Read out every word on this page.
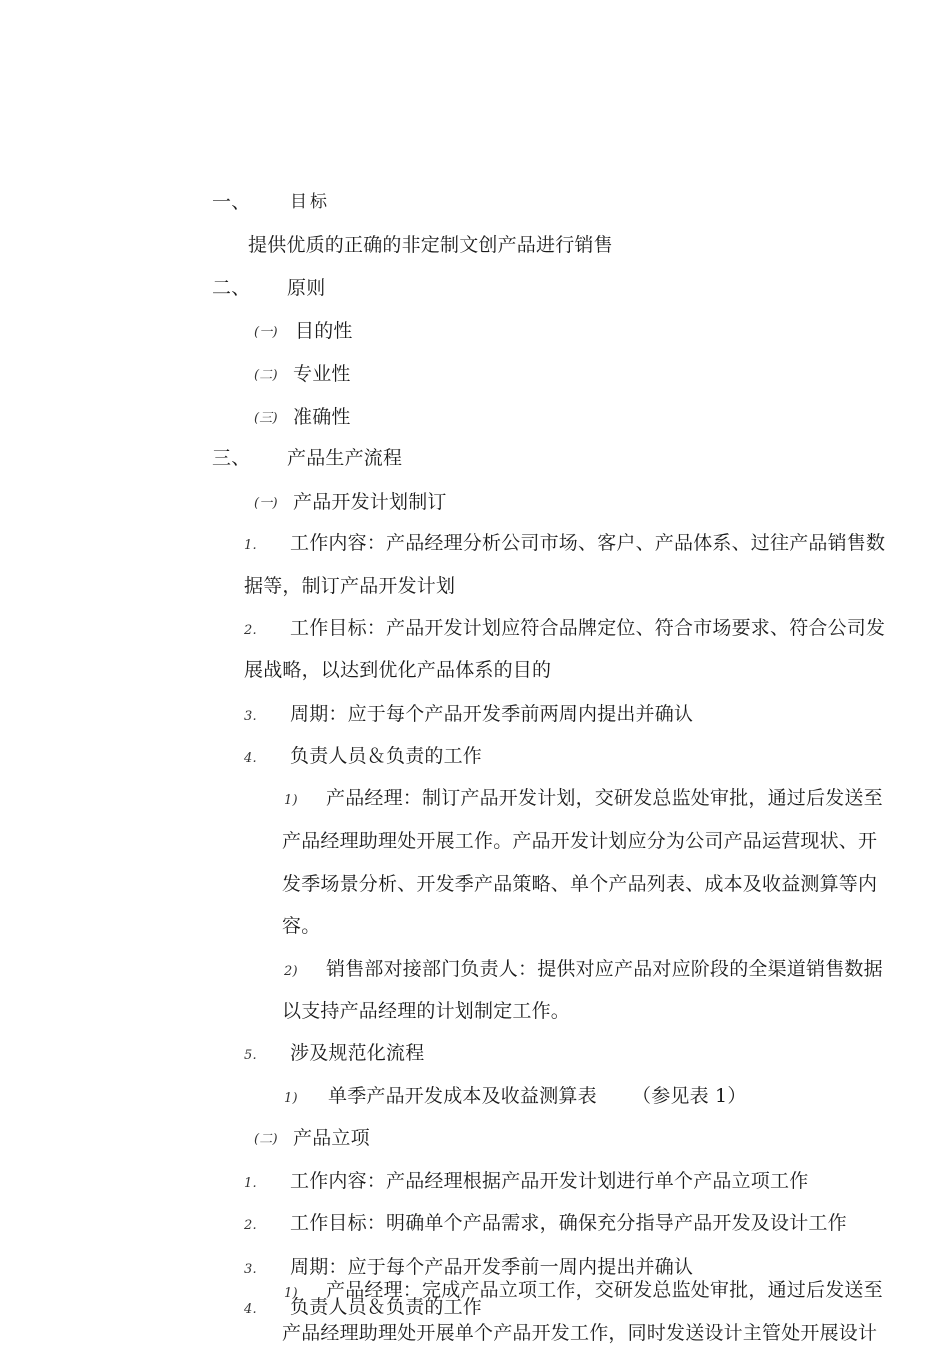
一、 目标
提供优质的正确的非定制文创产品进行销售
二、 原则
(一) 目的性
(二) 专业性
(三) 准确性
三、 产品生产流程
(一) 产品开发计划制订
1. 工作内容：产品经理分析公司市场、客户、产品体系、过往产品销售数
据等，制订产品开发计划
2. 工作目标：产品开发计划应符合品牌定位、符合市场要求、符合公司发
展战略，以达到优化产品体系的目的
3. 周期：应于每个产品开发季前两周内提出并确认
4. 负责人员＆负责的工作
1) 产品经理：制订产品开发计划，交研发总监处审批，通过后发送至
产品经理助理处开展工作。产品开发计划应分为公司产品运营现状、开
发季场景分析、开发季产品策略、单个产品列表、成本及收益测算等内
容。
2) 销售部对接部门负责人：提供对应产品对应阶段的全渠道销售数据
以支持产品经理的计划制定工作。
5. 涉及规范化流程
1) 单季产品开发成本及收益测算表 （参见表 1）
(二) 产品立项
1. 工作内容：产品经理根据产品开发计划进行单个产品立项工作
2. 工作目标：明确单个产品需求，确保充分指导产品开发及设计工作
3. 周期：应于每个产品开发季前一周内提出并确认
1) 产品经理：完成产品立项工作，交研发总监处审批，通过后发送至
4. 负责人员＆负责的工作
产品经理助理处开展单个产品开发工作，同时发送设计主管处开展设计
